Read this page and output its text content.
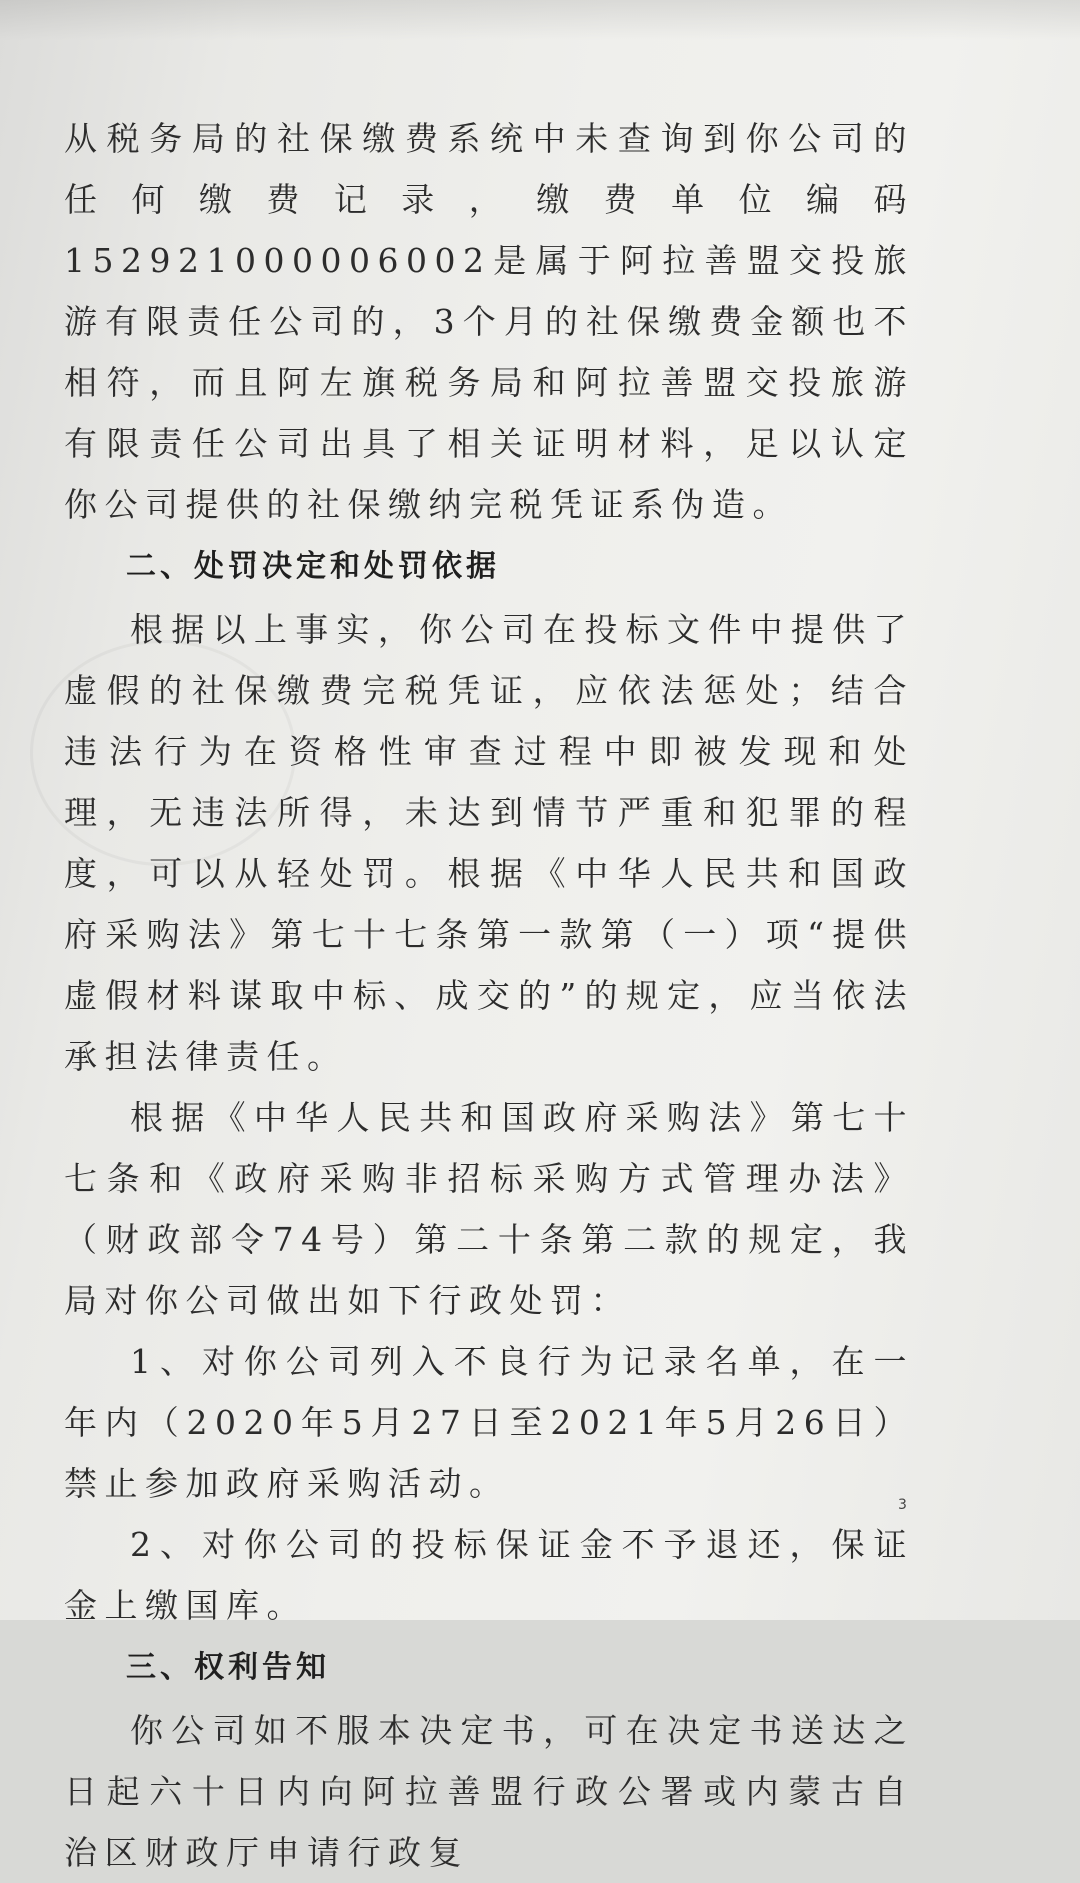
从税务局的社保缴费系统中未查询到你公司的任何缴费记录，缴费单位编码152921000006002是属于阿拉善盟交投旅游有限责任公司的，3个月的社保缴费金额也不相符，而且阿左旗税务局和阿拉善盟交投旅游有限责任公司出具了相关证明材料，足以认定你公司提供的社保缴纳完税凭证系伪造。

二、处罚决定和处罚依据

根据以上事实，你公司在投标文件中提供了虚假的社保缴费完税凭证，应依法惩处；结合违法行为在资格性审查过程中即被发现和处理，无违法所得，未达到情节严重和犯罪的程度，可以从轻处罚。根据《中华人民共和国政府采购法》第七十七条第一款第（一）项“提供虚假材料谋取中标、成交的”的规定，应当依法承担法律责任。

根据《中华人民共和国政府采购法》第七十七条和《政府采购非招标采购方式管理办法》（财政部令74号）第二十条第二款的规定，我局对你公司做出如下行政处罚：

1、对你公司列入不良行为记录名单，在一年内（2020年5月27日至2021年5月26日）禁止参加政府采购活动。

2、对你公司的投标保证金不予退还，保证金上缴国库。

三、权利告知

你公司如不服本决定书，可在决定书送达之日起六十日内向阿拉善盟行政公署或内蒙古自治区财政厅申请行政复

3
